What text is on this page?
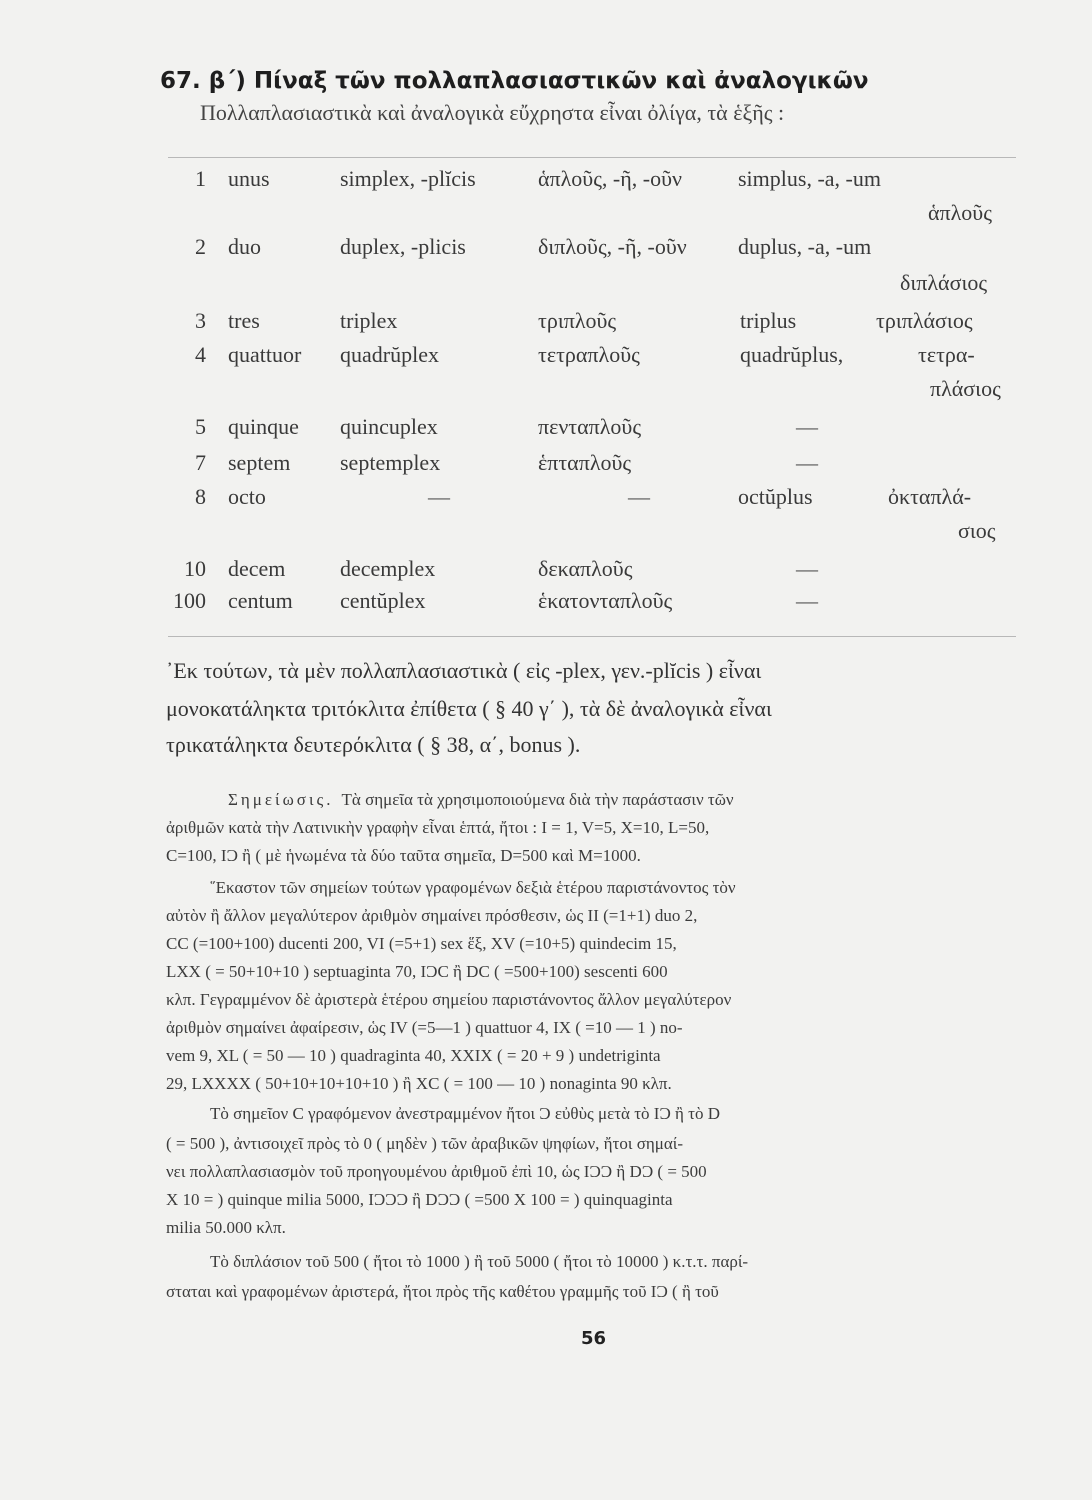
67. β΄) Πίναξ τῶν πολλαπλασιαστικῶν καὶ ἀναλογικῶν
Πολλαπλασιαστικὰ καὶ ἀναλογικὰ εὔχρηστα εἶναι ὀλίγα, τὰ ἑξῆς :
1 unus	simplex, -plĭcis	ἁπλοῦς, -ῆ, -οῦν	simplus, -a, -um
ἁπλοῦς
2 duo	duplex, -plicis	διπλοῦς, -ῆ, -οῦν duplus, -a, -um
διπλάσιος
3 tres	triplex	τριπλοῦς	triplus	τριπλάσιος
4 quattuor quadrŭplex	τετραπλοῦς	quadrŭplus,	τετρα-
πλάσιος
5 quinque quincuplex	πενταπλοῦς	—
7 septem septemplex	ἑπταπλοῦς	—
8 octo	—	—	octŭplus	ὀκταπλά-
σιος
10 decem decemplex	δεκαπλοῦς	—
100 centum centŭplex	ἑκατονταπλοῦς	—
᾿Εκ τούτων, τὰ μὲν πολλαπλασιαστικὰ ( εἰς -plex, γεν.-plĭcis ) εἶναι
μονοκατάληκτα τριτόκλιτα ἐπίθετα ( § 40 γ΄ ), τὰ δὲ ἀναλογικὰ εἶναι
τρικατάληκτα δευτερόκλιτα ( § 38, α΄, bonus ).
Σημείωσις. Τὰ σημεῖα τὰ χρησιμοποιούμενα διὰ τὴν παράστασιν τῶν
ἀριθμῶν κατὰ τὴν Λατινικὴν γραφὴν εἶναι ἑπτά, ἤτοι : I = 1, V=5, X=10, L=50,
C=100, IƆ ἢ ( μὲ ἡνωμένα τὰ δύο ταῦτα σημεῖα, D=500 καὶ M=1000.
῞Εκαστον τῶν σημείων τούτων γραφομένων δεξιὰ ἑτέρου παριστάνοντος τὸν
αὐτὸν ἢ ἄλλον μεγαλύτερον ἀριθμὸν σημαίνει πρόσθεσιν, ὡς II (=1+1) duo 2,
CC (=100+100) ducenti 200, VI (=5+1) sex ἕξ, XV (=10+5) quindecim 15,
LXX ( = 50+10+10 ) septuaginta 70, IƆC ἢ DC ( =500+100) sescenti 600
κλπ. Γεγραμμένον δὲ ἀριστερὰ ἑτέρου σημείου παριστάνοντος ἄλλον μεγαλύτερον
ἀριθμὸν σημαίνει ἀφαίρεσιν, ὡς IV (=5—1 ) quattuor 4, IX ( =10 — 1 ) no-
vem 9, XL ( = 50 — 10 ) quadraginta 40, XXIX ( = 20 + 9 ) undetriginta
29, LXXXX ( 50+10+10+10+10 ) ἢ XC ( = 100 — 10 ) nonaginta 90 κλπ.
Τὸ σημεῖον C γραφόμενον ἀνεστραμμένον ἤτοι Ɔ εὐθὺς μετὰ τὸ IƆ ἢ τὸ D
( = 500 ), ἀντισοιχεῖ πρὸς τὸ 0 ( μηδὲν ) τῶν ἀραβικῶν ψηφίων, ἤτοι σημαί-
νει πολλαπλασιασμὸν τοῦ προηγουμένου ἀριθμοῦ ἐπὶ 10, ὡς IƆƆ ἢ DƆ ( = 500
X 10 = ) quinque milia 5000, IƆƆƆ ἢ DƆƆ ( =500 X 100 = ) quinquaginta
milia 50.000 κλπ.
Τὸ διπλάσιον τοῦ 500 ( ἤτοι τὸ 1000 ) ἢ τοῦ 5000 ( ἤτοι τὸ 10000 ) κ.τ.τ. παρί-
σταται καὶ γραφομένων ἀριστερά, ἤτοι πρὸς τῆς καθέτου γραμμῆς τοῦ IƆ ( ἢ τοῦ
56
